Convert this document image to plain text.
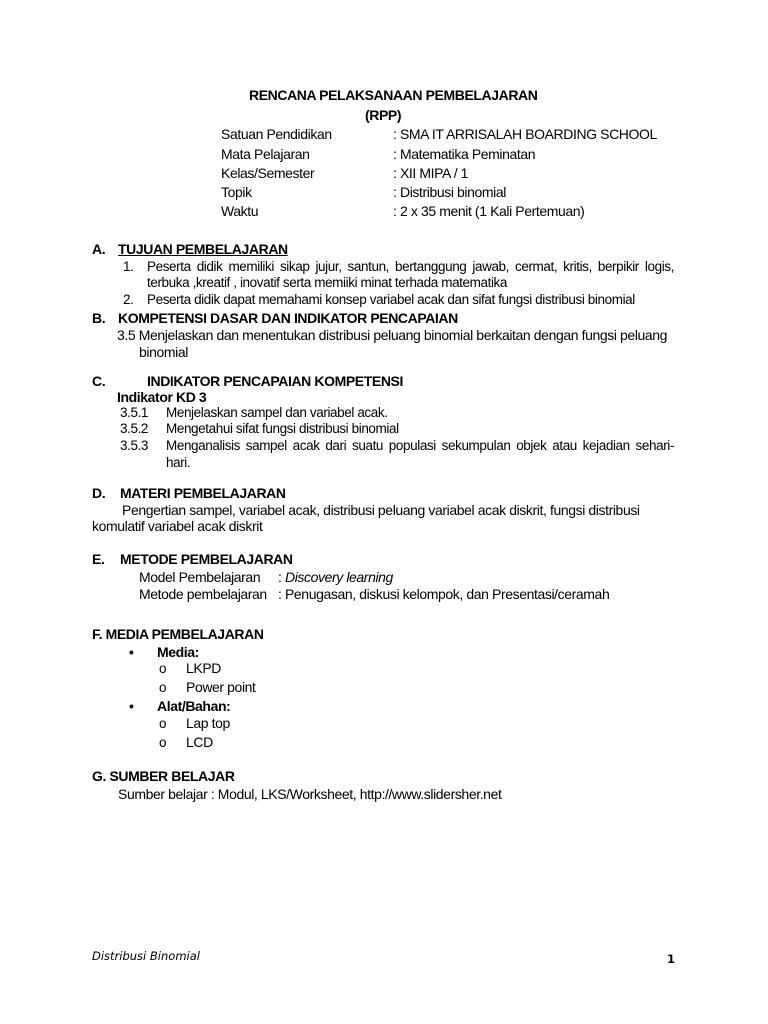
RENCANA PELAKSANAAN PEMBELAJARAN
(RPP)
Satuan Pendidikan	: SMA IT ARRISALAH BOARDING SCHOOL
Mata Pelajaran	: Matematika Peminatan
Kelas/Semester	: XII MIPA / 1
Topik	: Distribusi binomial
Waktu	: 2 x 35 menit (1 Kali Pertemuan)
A. TUJUAN PEMBELAJARAN
1. Peserta didik memiliki sikap jujur, santun, bertanggung jawab, cermat, kritis, berpikir logis,
terbuka ,kreatif , inovatif serta memiiki minat terhada matematika
2. Peserta didik dapat memahami konsep variabel acak dan sifat fungsi distribusi binomial
B. KOMPETENSI DASAR DAN INDIKATOR PENCAPAIAN
3.5 Menjelaskan dan menentukan distribusi peluang binomial berkaitan dengan fungsi peluang
binomial
C.	INDIKATOR PENCAPAIAN KOMPETENSI
Indikator KD 3
3.5.1 Menjelaskan sampel dan variabel acak.
3.5.2 Mengetahui sifat fungsi distribusi binomial
3.5.3 Menganalisis sampel acak dari suatu populasi sekumpulan objek atau kejadian sehari-
hari.
D. MATERI PEMBELAJARAN
Pengertian sampel, variabel acak, distribusi peluang variabel acak diskrit, fungsi distribusi
komulatif variabel acak diskrit
E. METODE PEMBELAJARAN
Model Pembelajaran : Discovery learning
Metode pembelajaran : Penugasan, diskusi kelompok, dan Presentasi/ceramah
F. MEDIA PEMBELAJARAN
• Media:
o LKPD
o Power point
• Alat/Bahan:
o Lap top
o LCD
G. SUMBER BELAJAR
Sumber belajar : Modul, LKS/Worksheet, http://www.slidersher.net
Distribusi Binomial	1
